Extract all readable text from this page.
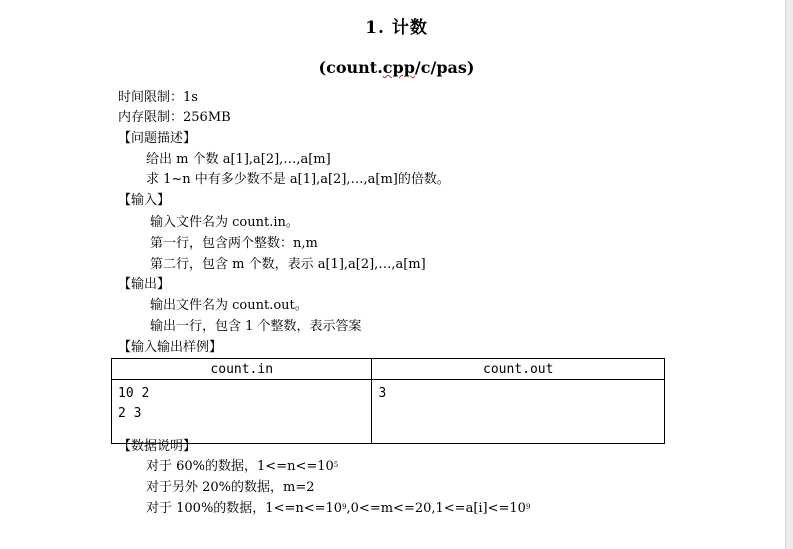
1. 计数
(count.cpp/c/pas)
时间限制：1s
内存限制：256MB
【问题描述】
给出 m 个数 a[1],a[2],…,a[m]
求 1~n 中有多少数不是 a[1],a[2],…,a[m]的倍数。
【输入】
输入文件名为 count.in。
第一行，包含两个整数：n,m
第二行，包含 m 个数，表示 a[1],a[2],…,a[m]
【输出】
输出文件名为 count.out。
输出一行，包含 1 个整数，表示答案
【输入输出样例】
count.in	count.out

10 2
2 3	3
【数据说明】
对于 60%的数据，$1<=n<=10^5$
对于另外 20%的数据，m=2
对于 100%的数据，$1<=n<=10^9,0<=m<=20,1<=a[i]<=10^9$
